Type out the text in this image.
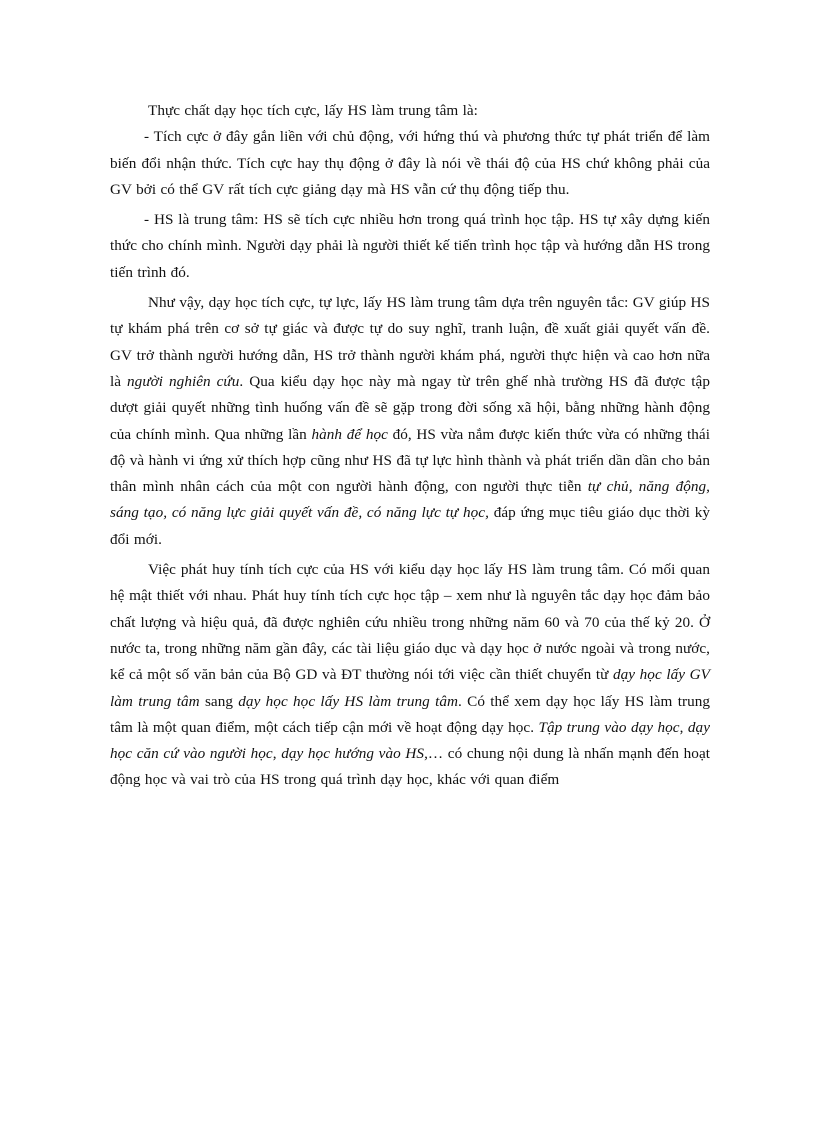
Thực chất dạy học tích cực, lấy HS làm trung tâm là:

- Tích cực ở đây gắn liền với chủ động, với hứng thú và phương thức tự phát triển để làm biến đổi nhận thức. Tích cực hay thụ động ở đây là nói về thái độ của HS chứ không phải của GV bởi có thể GV rất tích cực giảng dạy mà HS vẫn cứ thụ động tiếp thu.

- HS là trung tâm: HS sẽ tích cực nhiều hơn trong quá trình học tập. HS tự xây dựng kiến thức cho chính mình. Người dạy phải là người thiết kế tiến trình học tập và hướng dẫn HS trong tiến trình đó.

Như vậy, dạy học tích cực, tự lực, lấy HS làm trung tâm dựa trên nguyên tắc: GV giúp HS tự khám phá trên cơ sở tự giác và được tự do suy nghĩ, tranh luận, đề xuất giải quyết vấn đề. GV trở thành người hướng dẫn, HS trở thành người khám phá, người thực hiện và cao hơn nữa là người nghiên cứu. Qua kiểu dạy học này mà ngay từ trên ghế nhà trường HS đã được tập dượt giải quyết những tình huống vấn đề sẽ gặp trong đời sống xã hội, bằng những hành động của chính mình. Qua những lần hành để học đó, HS vừa nắm được kiến thức vừa có những thái độ và hành vi ứng xử thích hợp cũng như HS đã tự lực hình thành và phát triển dần dần cho bản thân mình nhân cách của một con người hành động, con người thực tiễn tự chủ, năng động, sáng tạo, có năng lực giải quyết vấn đề, có năng lực tự học, đáp ứng mục tiêu giáo dục thời kỳ đổi mới.

Việc phát huy tính tích cực của HS với kiểu dạy học lấy HS làm trung tâm. Có mối quan hệ mật thiết với nhau. Phát huy tính tích cực học tập – xem như là nguyên tắc dạy học đảm bảo chất lượng và hiệu quả, đã được nghiên cứu nhiều trong những năm 60 và 70 của thế kỷ 20. Ở nước ta, trong những năm gần đây, các tài liệu giáo dục và dạy học ở nước ngoài và trong nước, kể cả một số văn bản của Bộ GD và ĐT thường nói tới việc cần thiết chuyển từ dạy học lấy GV làm trung tâm sang dạy học học lấy HS làm trung tâm. Có thể xem dạy học lấy HS làm trung tâm là một quan điểm, một cách tiếp cận mới về hoạt động dạy học. Tập trung vào dạy học, dạy học căn cứ vào người học, dạy học hướng vào HS,… có chung nội dung là nhấn mạnh đến hoạt động học và vai trò của HS trong quá trình dạy học, khác với quan điểm
